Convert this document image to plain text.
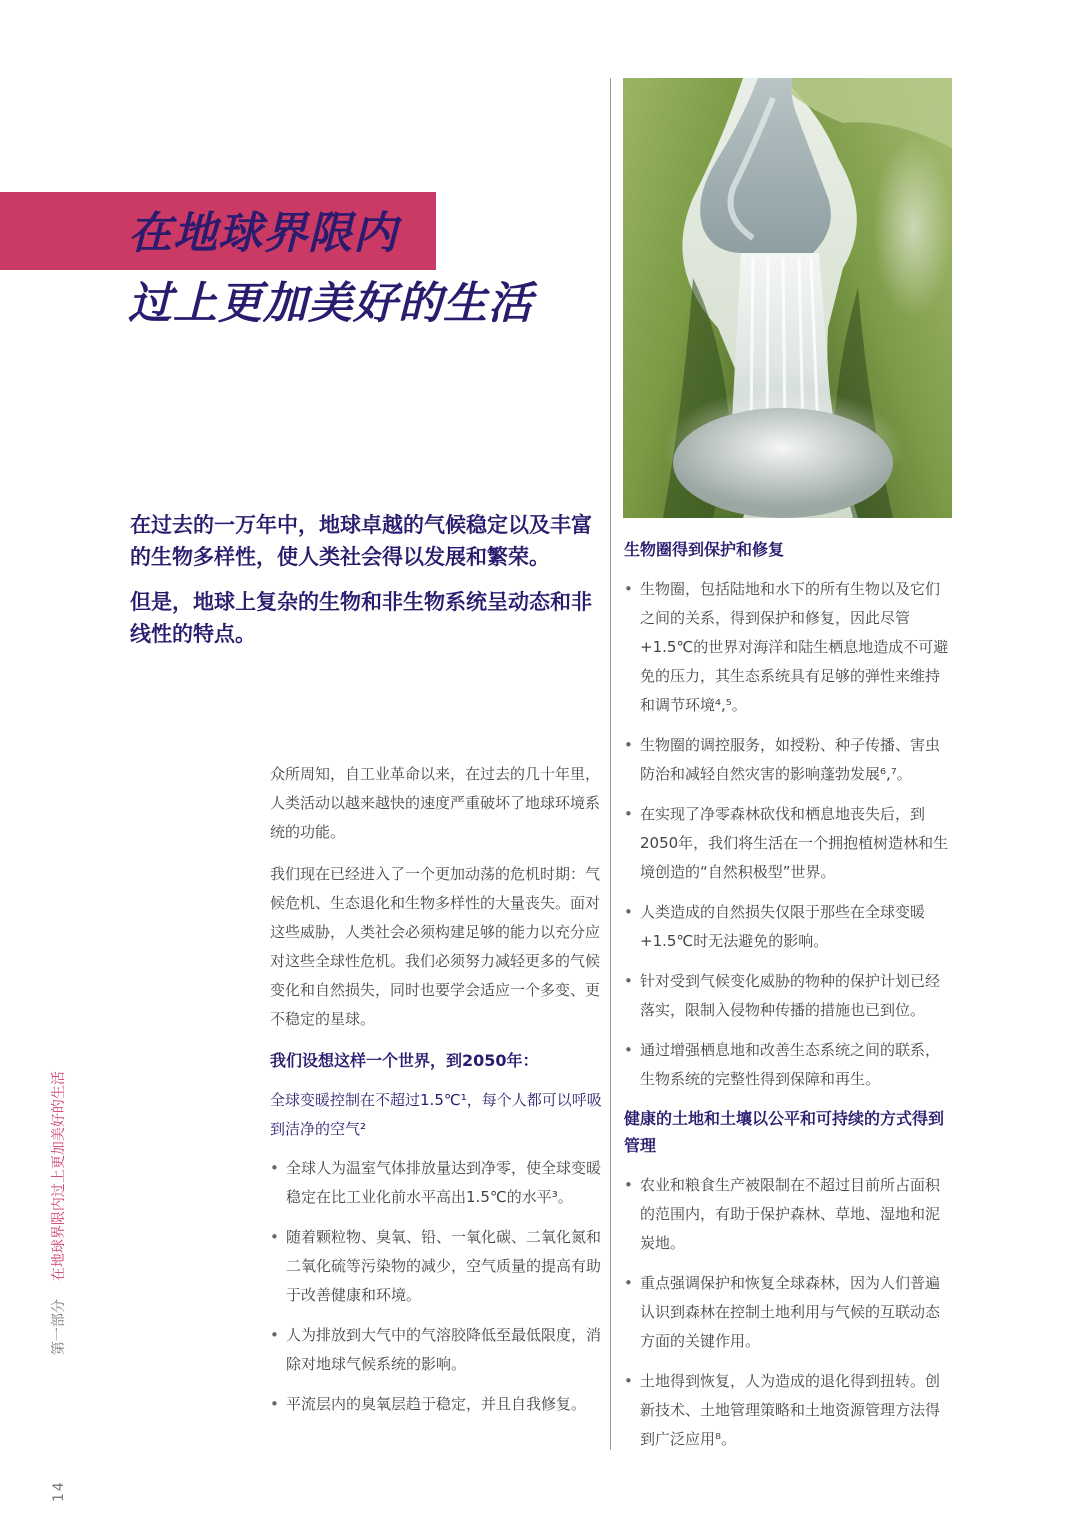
在地球界限内
过上更加美好的生活

在过去的一万年中，地球卓越的气候稳定以及丰富的生物多样性，使人类社会得以发展和繁荣。

但是，地球上复杂的生物和非生物系统呈动态和非线性的特点。

众所周知，自工业革命以来，在过去的几十年里，人类活动以越来越快的速度严重破坏了地球环境系统的功能。

我们现在已经进入了一个更加动荡的危机时期：气候危机、生态退化和生物多样性的大量丧失。面对这些威胁，人类社会必须构建足够的能力以充分应对这些全球性危机。我们必须努力减轻更多的气候变化和自然损失，同时也要学会适应一个多变、更不稳定的星球。

我们设想这样一个世界，到2050年：

全球变暖控制在不超过1.5℃¹，每个人都可以呼吸到洁净的空气²

• 全球人为温室气体排放量达到净零，使全球变暖稳定在比工业化前水平高出1.5℃的水平³。
• 随着颗粒物、臭氧、铅、一氧化碳、二氧化氮和二氧化硫等污染物的减少，空气质量的提高有助于改善健康和环境。
• 人为排放到大气中的气溶胶降低至最低限度，消除对地球气候系统的影响。
• 平流层内的臭氧层趋于稳定，并且自我修复。
生物圈得到保护和修复
• 生物圈，包括陆地和水下的所有生物以及它们之间的关系，得到保护和修复，因此尽管+1.5℃的世界对海洋和陆生栖息地造成不可避免的压力，其生态系统具有足够的弹性来维持和调节环境⁴,⁵。
• 生物圈的调控服务，如授粉、种子传播、害虫防治和减轻自然灾害的影响蓬勃发展⁶,⁷。
• 在实现了净零森林砍伐和栖息地丧失后，到2050年，我们将生活在一个拥抱植树造林和生境创造的“自然积极型”世界。
• 人类造成的自然损失仅限于那些在全球变暖+1.5℃时无法避免的影响。
• 针对受到气候变化威胁的物种的保护计划已经落实，限制入侵物种传播的措施也已到位。
• 通过增强栖息地和改善生态系统之间的联系，生物系统的完整性得到保障和再生。
健康的土地和土壤以公平和可持续的方式得到管理
• 农业和粮食生产被限制在不超过目前所占面积的范围内，有助于保护森林、草地、湿地和泥炭地。
• 重点强调保护和恢复全球森林，因为人们普遍认识到森林在控制土地利用与气候的互联动态方面的关键作用。
• 土地得到恢复，人为造成的退化得到扭转。创新技术、土地管理策略和土地资源管理方法得到广泛应用⁸。
14第一部分在地球界限内过上更加美好的生活
